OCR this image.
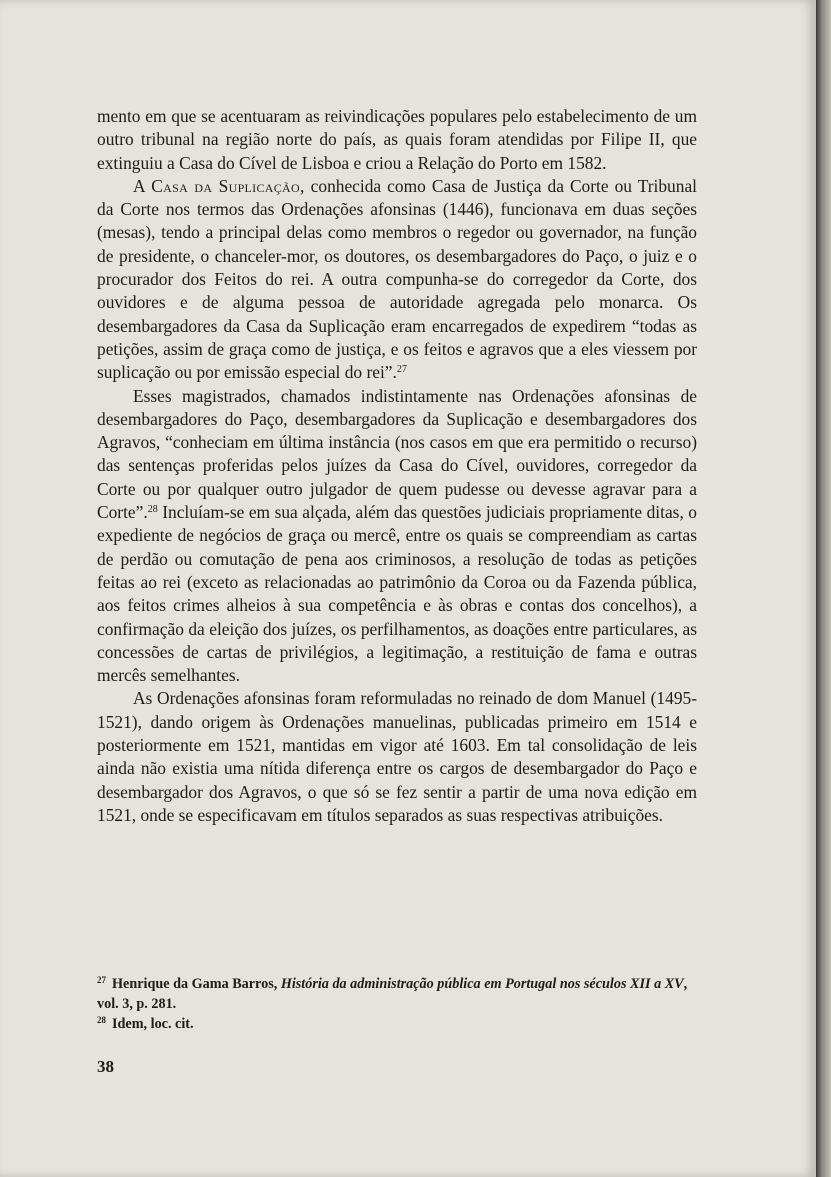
mento em que se acentuaram as reivindicações populares pelo estabelecimento de um outro tribunal na região norte do país, as quais foram atendidas por Filipe II, que extinguiu a Casa do Cível de Lisboa e criou a Relação do Porto em 1582.

A Casa da Suplicação, conhecida como Casa de Justiça da Corte ou Tribunal da Corte nos termos das Ordenações afonsinas (1446), funcionava em duas seções (mesas), tendo a principal delas como membros o regedor ou governador, na função de presidente, o chanceler-mor, os doutores, os desembargadores do Paço, o juiz e o procurador dos Feitos do rei. A outra compunha-se do corregedor da Corte, dos ouvidores e de alguma pessoa de autoridade agregada pelo monarca. Os desembargadores da Casa da Suplicação eram encarregados de expedirem “todas as petições, assim de graça como de justiça, e os feitos e agravos que a eles viessem por suplicação ou por emissão especial do rei”.$^{27}$

Esses magistrados, chamados indistintamente nas Ordenações afonsinas de desembargadores do Paço, desembargadores da Suplicação e desembargadores dos Agravos, “conheciam em última instância (nos casos em que era permitido o recurso) das sentenças proferidas pelos juízes da Casa do Cível, ouvidores, corregedor da Corte ou por qualquer outro julgador de quem pudesse ou devesse agravar para a Corte”.$^{28}$ Incluíam-se em sua alçada, além das questões judiciais propriamente ditas, o expediente de negócios de graça ou mercê, entre os quais se compreendiam as cartas de perdão ou comutação de pena aos criminosos, a resolução de todas as petições feitas ao rei (exceto as relacionadas ao patrimônio da Coroa ou da Fazenda pública, aos feitos crimes alheios à sua competência e às obras e contas dos concelhos), a confirmação da eleição dos juízes, os perfilhamentos, as doações entre particulares, as concessões de cartas de privilégios, a legitimação, a restituição de fama e outras mercês semelhantes.

As Ordenações afonsinas foram reformuladas no reinado de dom Manuel (1495-1521), dando origem às Ordenações manuelinas, publicadas primeiro em 1514 e posteriormente em 1521, mantidas em vigor até 1603. Em tal consolidação de leis ainda não existia uma nítida diferença entre os cargos de desembargador do Paço e desembargador dos Agravos, o que só se fez sentir a partir de uma nova edição em 1521, onde se especificavam em títulos separados as suas respectivas atribuições.

$^{27}$ Henrique da Gama Barros, História da administração pública em Portugal nos séculos XII a XV, vol. 3, p. 281.

$^{28}$ Idem, loc. cit.

38
